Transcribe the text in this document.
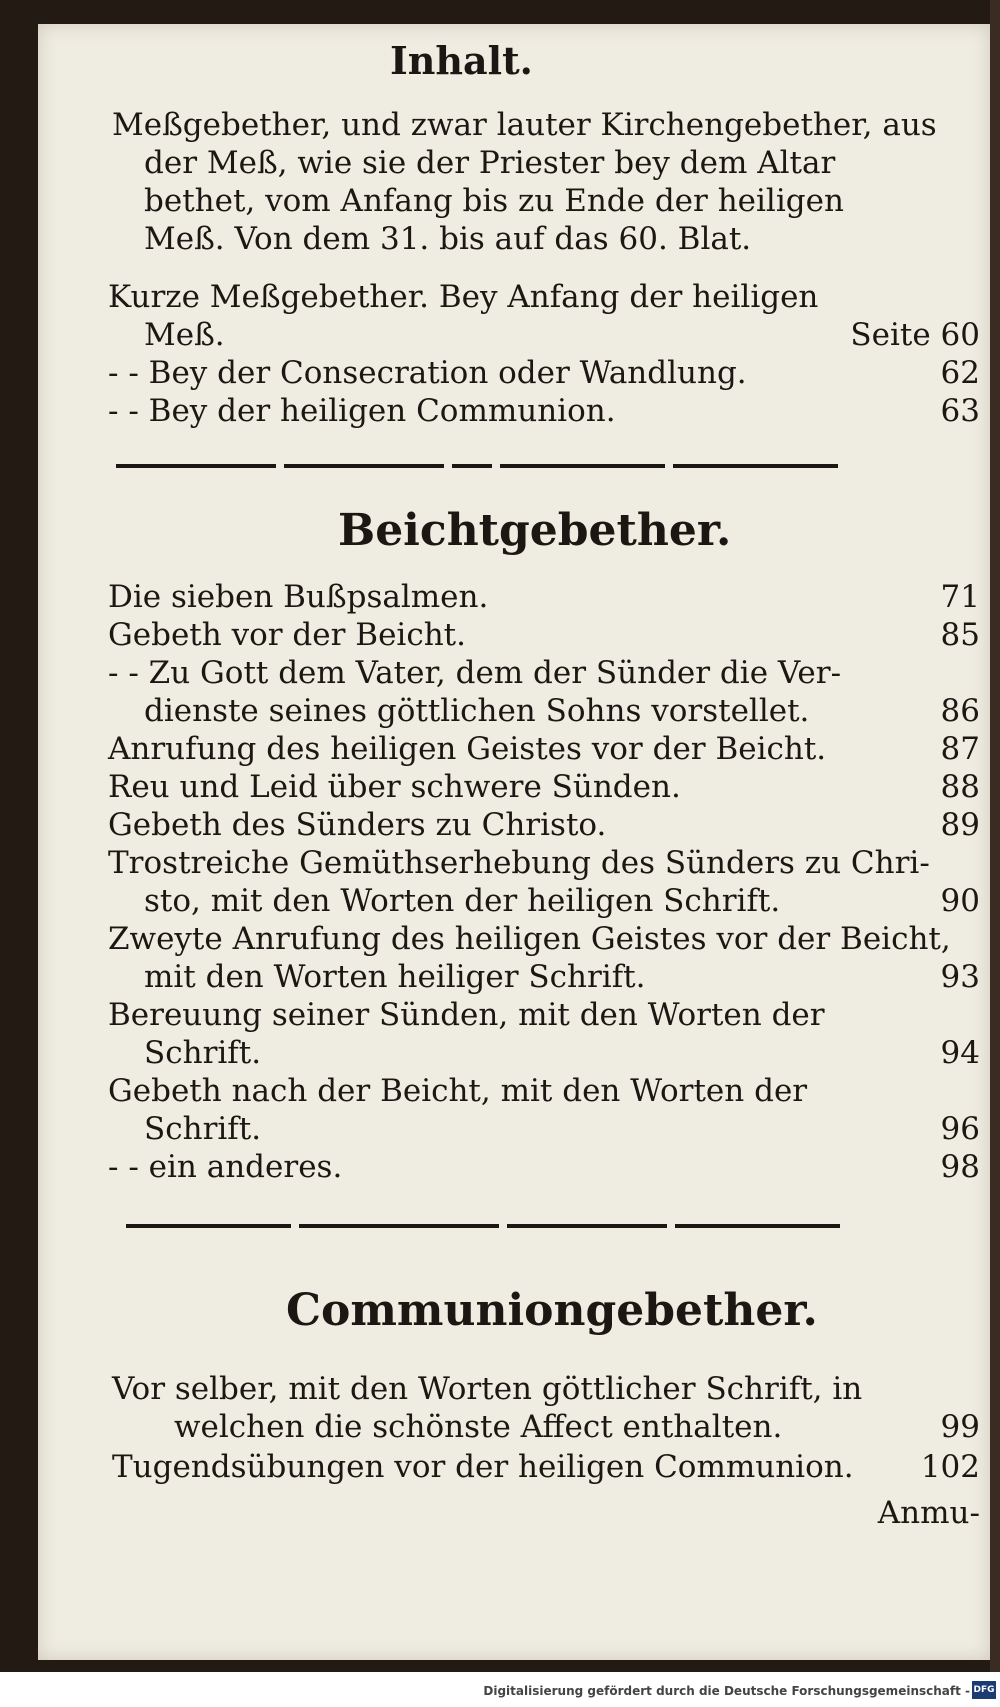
Inhalt.
Meßgebether, und zwar lauter Kirchengebether, aus
der Meß, wie sie der Priester bey dem Altar
bethet, vom Anfang bis zu Ende der heiligen
Meß. Von dem 31. bis auf das 60. Blat.
Kurze Meßgebether. Bey Anfang der heiligen
Meß.	Seite 60
- - Bey der Consecration oder Wandlung.	62
- - Bey der heiligen Communion.	63
Beichtgebether.
Die sieben Bußpsalmen.	71
Gebeth vor der Beicht.	85
- - Zu Gott dem Vater, dem der Sünder die Ver-
dienste seines göttlichen Sohns vorstellet.	86
Anrufung des heiligen Geistes vor der Beicht.	87
Reu und Leid über schwere Sünden.	88
Gebeth des Sünders zu Christo.	89
Trostreiche Gemüthserhebung des Sünders zu Chri-
sto, mit den Worten der heiligen Schrift.	90
Zweyte Anrufung des heiligen Geistes vor der Beicht,
mit den Worten heiliger Schrift.	93
Bereuung seiner Sünden, mit den Worten der
Schrift.	94
Gebeth nach der Beicht, mit den Worten der
Schrift.	96
- - ein anderes.	98
Communiongebether.
Vor selber, mit den Worten göttlicher Schrift, in
welchen die schönste Affect enthalten.	99
Tugendsübungen vor der heiligen Communion. 102
Anmu-
Digitalisierung gefördert durch die Deutsche Forschungsgemeinschaft - DFG
